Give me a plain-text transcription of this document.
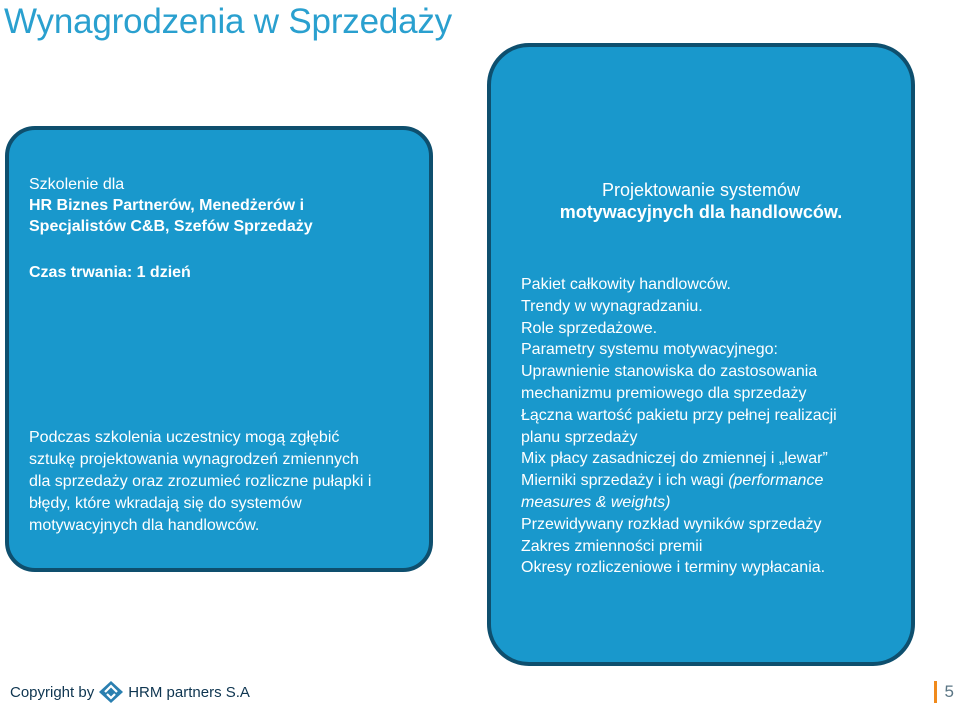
Wynagrodzenia w Sprzedaży
Szkolenie dla
HR Biznes Partnerów, Menedżerów i
Specjalistów C&B, Szefów Sprzedaży
Czas trwania: 1 dzień
Podczas szkolenia uczestnicy mogą zgłębić
sztukę projektowania wynagrodzeń zmiennych
dla sprzedaży oraz zrozumieć rozliczne pułapki i
błędy, które wkradają się do systemów
motywacyjnych dla handlowców.
Projektowanie systemów
motywacyjnych dla handlowców.
Pakiet całkowity handlowców.
Trendy w wynagradzaniu.
Role sprzedażowe.
Parametry systemu motywacyjnego:
Uprawnienie stanowiska do zastosowania
mechanizmu premiowego dla sprzedaży
Łączna wartość pakietu przy pełnej realizacji
planu sprzedaży
Mix płacy zasadniczej do zmiennej i „lewar”
Mierniki sprzedaży i ich wagi (performance
measures & weights)
Przewidywany rozkład wyników sprzedaży
Zakres zmienności premii
Okresy rozliczeniowe i terminy wypłacania.
Copyright by HRM partners S.A	5
